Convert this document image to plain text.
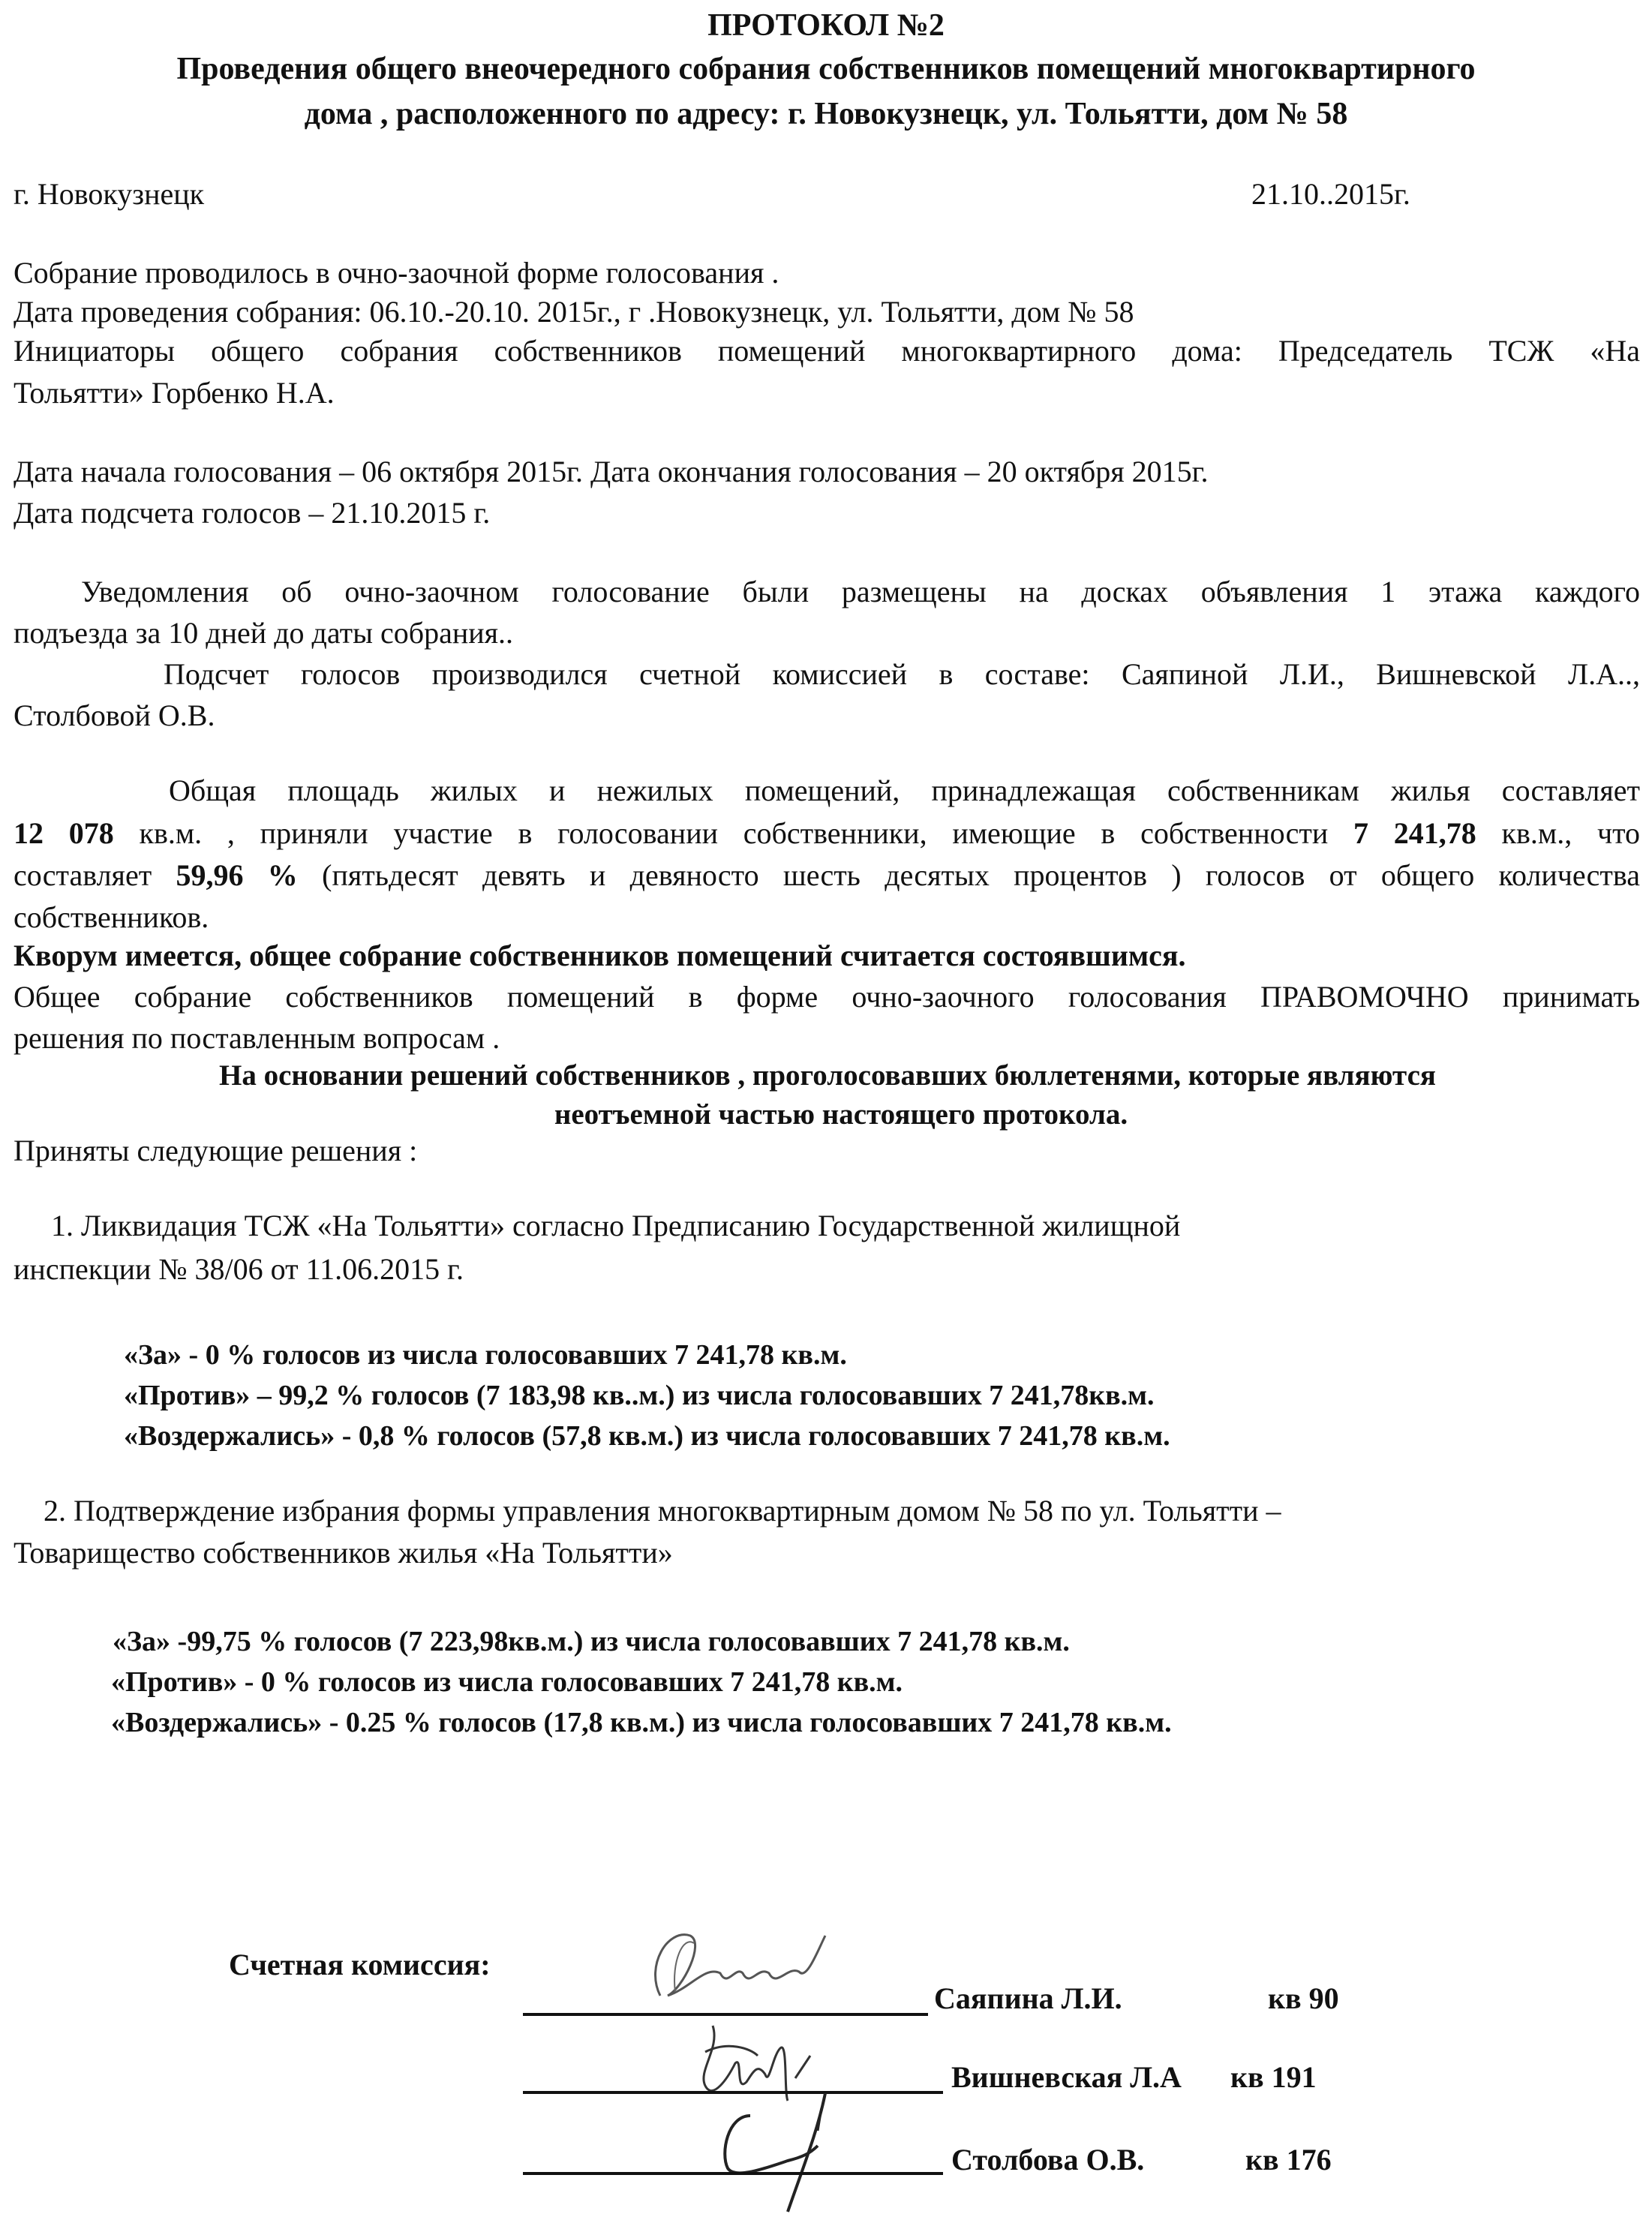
ПРОТОКОЛ №2
Проведения общего внеочередного собрания собственников помещений многоквартирного
дома , расположенного по адресу: г. Новокузнецк, ул. Тольятти, дом № 58
г. Новокузнецк	21.10..2015г.
Собрание проводилось в очно-заочной форме голосования .
Дата проведения собрания: 06.10.-20.10. 2015г., г .Новокузнецк, ул. Тольятти, дом № 58
Инициаторы общего собрания собственников помещений многоквартирного дома: Председатель ТСЖ «На
Тольятти» Горбенко Н.А.
Дата начала голосования – 06 октября 2015г. Дата окончания голосования – 20 октября 2015г.
Дата подсчета голосов – 21.10.2015 г.
Уведомления об очно-заочном голосование были размещены на досках объявления 1 этажа каждого
подъезда за 10 дней до даты собрания..
Подсчет голосов производился счетной комиссией в составе: Саяпиной Л.И., Вишневской Л.А..,
Столбовой О.В.
Общая площадь жилых и нежилых помещений, принадлежащая собственникам жилья составляет
12 078 кв.м. , приняли участие в голосовании собственники, имеющие в собственности 7 241,78 кв.м., что
составляет 59,96 % (пятьдесят девять и девяносто шесть десятых процентов ) голосов от общего количества
собственников.
Кворум имеется, общее собрание собственников помещений считается состоявшимся.
Общее собрание собственников помещений в форме очно-заочного голосования ПРАВОМОЧНО принимать
решения по поставленным вопросам .
На основании решений собственников , проголосовавших бюллетенями, которые являются
неотъемной частью настоящего протокола.
Приняты следующие решения :
1. Ликвидация ТСЖ «На Тольятти» согласно Предписанию Государственной жилищной
инспекции № 38/06 от 11.06.2015 г.
«За» - 0 % голосов из числа голосовавших 7 241,78 кв.м.
«Против» – 99,2 % голосов (7 183,98 кв..м.) из числа голосовавших 7 241,78кв.м.
«Воздержались» - 0,8 % голосов (57,8 кв.м.) из числа голосовавших 7 241,78 кв.м.
2. Подтверждение избрания формы управления многоквартирным домом № 58 по ул. Тольятти –
Товарищество собственников жилья «На Тольятти»
«За» -99,75 % голосов (7 223,98кв.м.) из числа голосовавших 7 241,78 кв.м.
«Против» - 0 % голосов из числа голосовавших 7 241,78 кв.м.
«Воздержались» - 0.25 % голосов (17,8 кв.м.) из числа голосовавших 7 241,78 кв.м.
Счетная комиссия:
Саяпина Л.И.	кв 90
Вишневская Л.А кв 191
Столбова О.В.	кв 176
